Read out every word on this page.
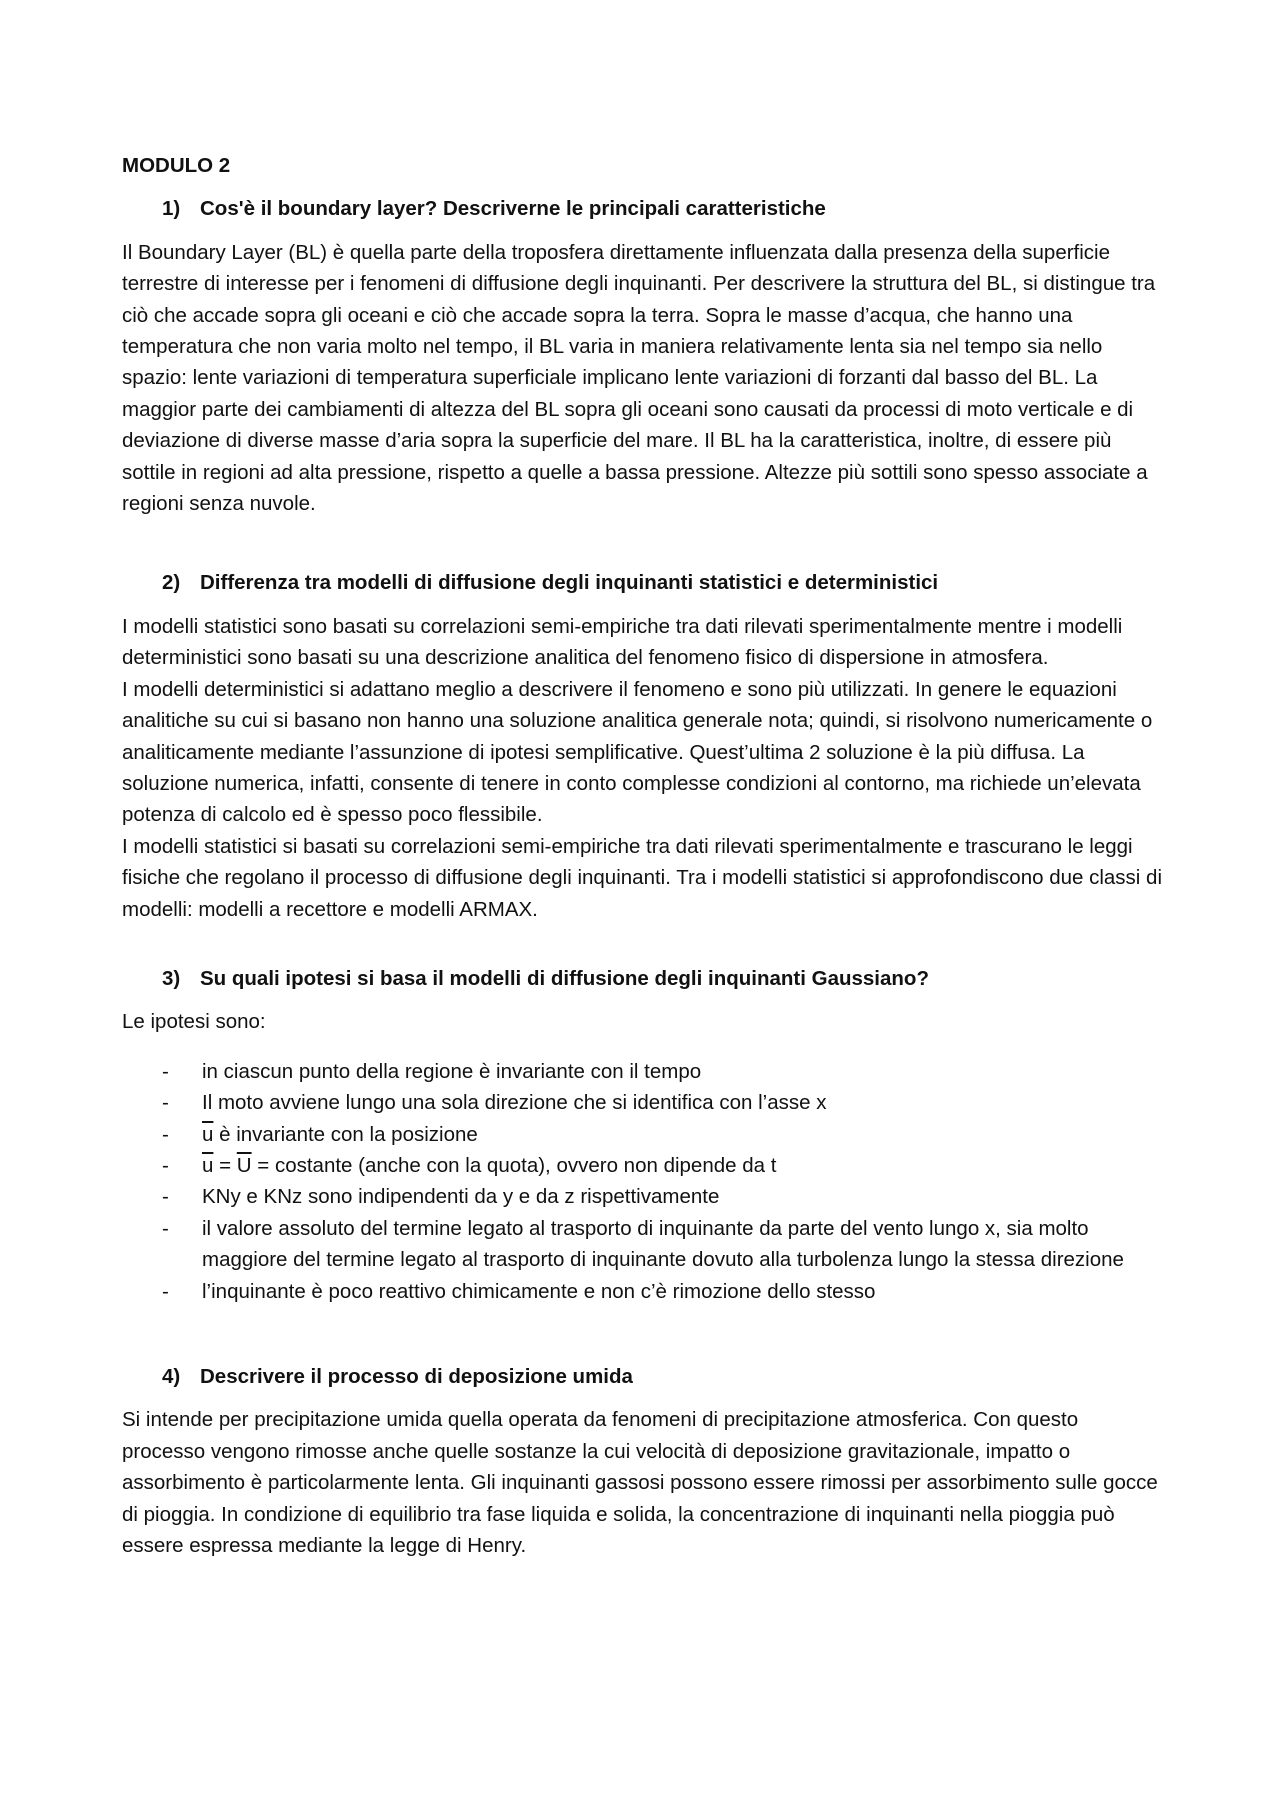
MODULO 2
1) Cos'è il boundary layer? Descriverne le principali caratteristiche

Il Boundary Layer (BL) è quella parte della troposfera direttamente influenzata dalla presenza della superficie terrestre di interesse per i fenomeni di diffusione degli inquinanti. Per descrivere la struttura del BL, si distingue tra ciò che accade sopra gli oceani e ciò che accade sopra la terra. Sopra le masse d’acqua, che hanno una temperatura che non varia molto nel tempo, il BL varia in maniera relativamente lenta sia nel tempo sia nello spazio: lente variazioni di temperatura superficiale implicano lente variazioni di forzanti dal basso del BL. La maggior parte dei cambiamenti di altezza del BL sopra gli oceani sono causati da processi di moto verticale e di deviazione di diverse masse d’aria sopra la superficie del mare. Il BL ha la caratteristica, inoltre, di essere più sottile in regioni ad alta pressione, rispetto a quelle a bassa pressione. Altezze più sottili sono spesso associate a regioni senza nuvole.

2) Differenza tra modelli di diffusione degli inquinanti statistici e deterministici

I modelli statistici sono basati su correlazioni semi-empiriche tra dati rilevati sperimentalmente mentre i modelli deterministici sono basati su una descrizione analitica del fenomeno fisico di dispersione in atmosfera.

I modelli deterministici si adattano meglio a descrivere il fenomeno e sono più utilizzati. In genere le equazioni analitiche su cui si basano non hanno una soluzione analitica generale nota; quindi, si risolvono numericamente o analiticamente mediante l’assunzione di ipotesi semplificative. Quest’ultima 2 soluzione è la più diffusa. La soluzione numerica, infatti, consente di tenere in conto complesse condizioni al contorno, ma richiede un’elevata potenza di calcolo ed è spesso poco flessibile.

I modelli statistici si basati su correlazioni semi-empiriche tra dati rilevati sperimentalmente e trascurano le leggi fisiche che regolano il processo di diffusione degli inquinanti. Tra i modelli statistici si approfondiscono due classi di modelli: modelli a recettore e modelli ARMAX.

3) Su quali ipotesi si basa il modelli di diffusione degli inquinanti Gaussiano?

Le ipotesi sono:

-	in ciascun punto della regione è invariante con il tempo
-	Il moto avviene lungo una sola direzione che si identifica con l’asse x
-	$\overline{u}$ è invariante con la posizione
-	$\overline{u} = \overline{U}$ = costante (anche con la quota), ovvero non dipende da t
-	KNy e KNz sono indipendenti da y e da z rispettivamente
-	il valore assoluto del termine legato al trasporto di inquinante da parte del vento lungo x, sia molto maggiore del termine legato al trasporto di inquinante dovuto alla turbolenza lungo la stessa direzione
-	l’inquinante è poco reattivo chimicamente e non c’è rimozione dello stesso
4) Descrivere il processo di deposizione umida

Si intende per precipitazione umida quella operata da fenomeni di precipitazione atmosferica. Con questo processo vengono rimosse anche quelle sostanze la cui velocità di deposizione gravitazionale, impatto o assorbimento è particolarmente lenta. Gli inquinanti gassosi possono essere rimossi per assorbimento sulle gocce di pioggia. In condizione di equilibrio tra fase liquida e solida, la concentrazione di inquinanti nella pioggia può essere espressa mediante la legge di Henry.
